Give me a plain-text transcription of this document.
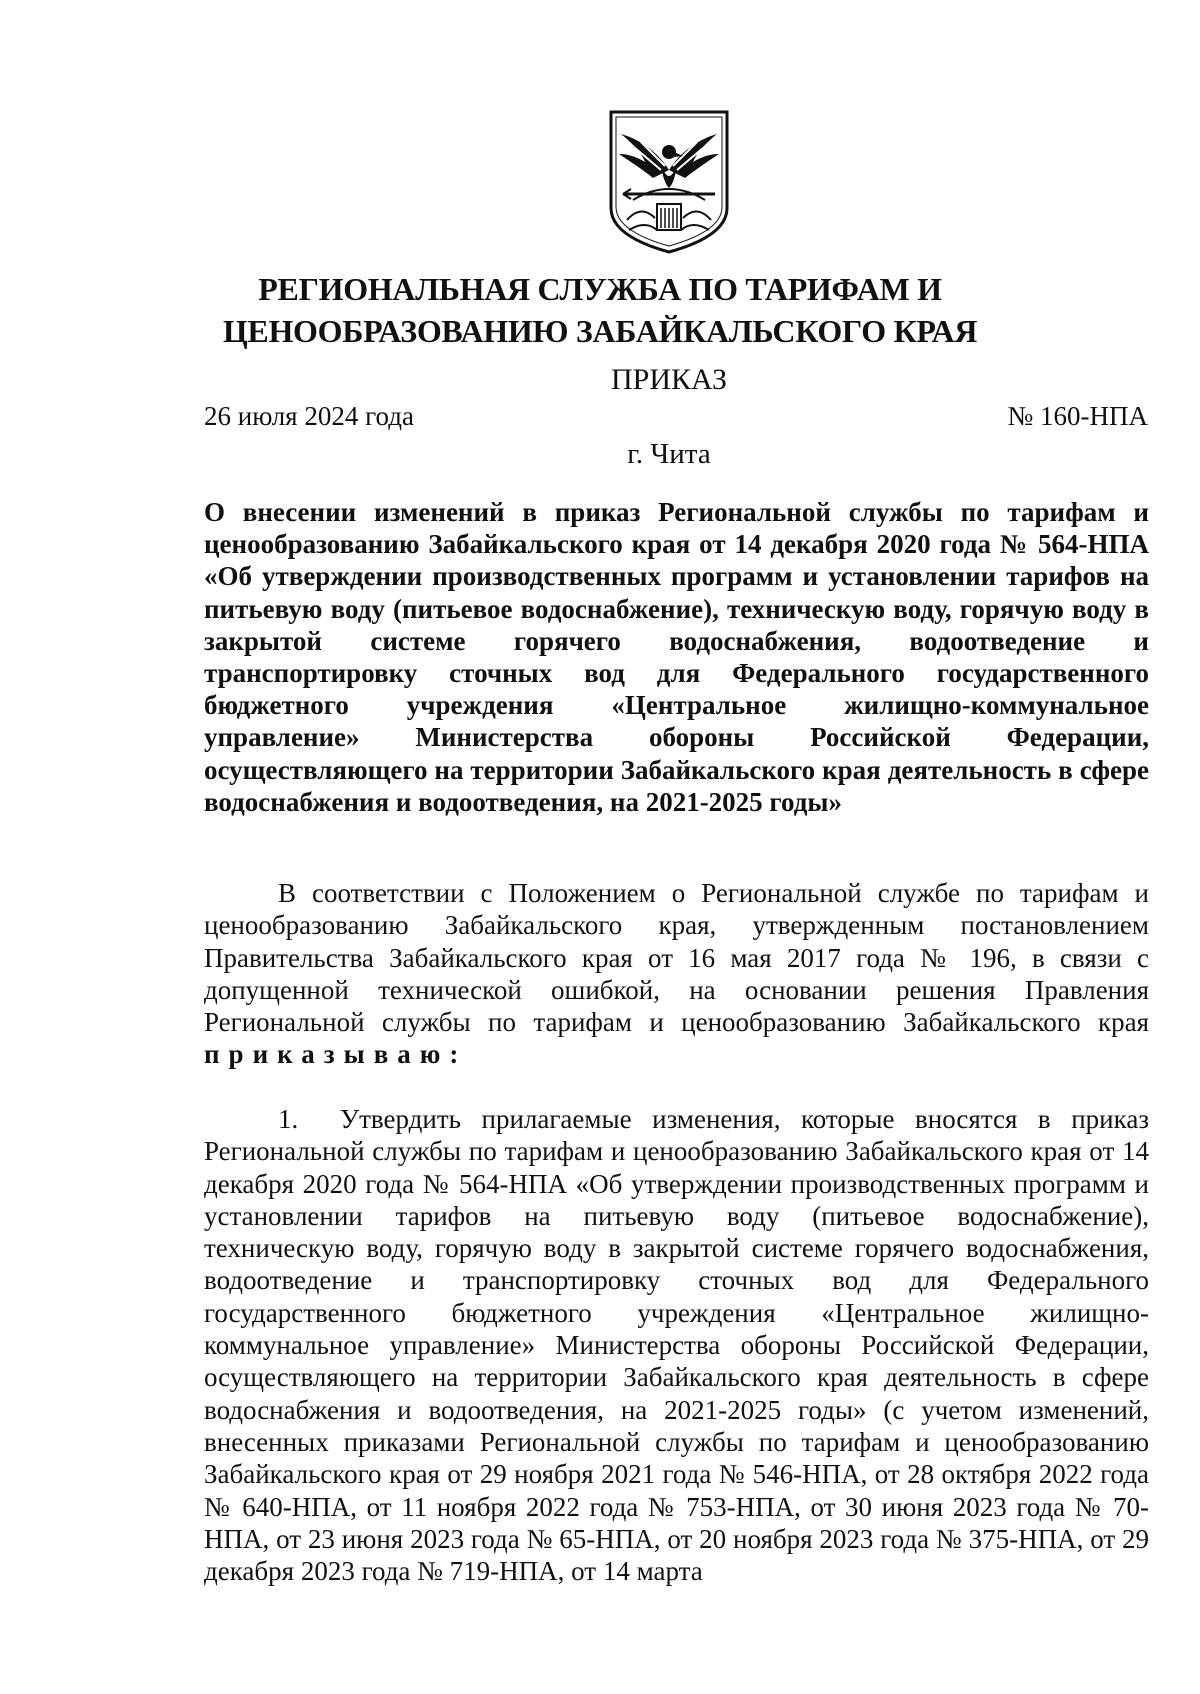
РЕГИОНАЛЬНАЯ СЛУЖБА ПО ТАРИФАМ И
ЦЕНООБРАЗОВАНИЮ ЗАБАЙКАЛЬСКОГО КРАЯ
ПРИКАЗ
26 июля 2024 года	№ 160-НПА
г. Чита
О внесении изменений в приказ Региональной службы по тарифам и ценообразованию Забайкальского края от 14 декабря 2020 года № 564-НПА «Об утверждении производственных программ и установлении тарифов на питьевую воду (питьевое водоснабжение), техническую воду, горячую воду в закрытой системе горячего водоснабжения, водоотведение и транспортировку сточных вод для Федерального государственного бюджетного учреждения «Центральное жилищно-коммунальное управление» Министерства обороны Российской Федерации, осуществляющего на территории Забайкальского края деятельность в сфере водоснабжения и водоотведения, на 2021-2025 годы»
В соответствии с Положением о Региональной службе по тарифам и ценообразованию Забайкальского края, утвержденным постановлением Правительства Забайкальского края от 16 мая 2017 года № 196, в связи с допущенной технической ошибкой, на основании решения Правления Региональной службы по тарифам и ценообразованию Забайкальского края приказываю:
1. Утвердить прилагаемые изменения, которые вносятся в приказ Региональной службы по тарифам и ценообразованию Забайкальского края от 14 декабря 2020 года № 564-НПА «Об утверждении производственных программ и установлении тарифов на питьевую воду (питьевое водоснабжение), техническую воду, горячую воду в закрытой системе горячего водоснабжения, водоотведение и транспортировку сточных вод для Федерального государственного бюджетного учреждения «Центральное жилищно-коммунальное управление» Министерства обороны Российской Федерации, осуществляющего на территории Забайкальского края деятельность в сфере водоснабжения и водоотведения, на 2021-2025 годы» (с учетом изменений, внесенных приказами Региональной службы по тарифам и ценообразованию Забайкальского края от 29 ноября 2021 года № 546-НПА, от 28 октября 2022 года № 640-НПА, от 11 ноября 2022 года № 753-НПА, от 30 июня 2023 года № 70-НПА, от 23 июня 2023 года № 65-НПА, от 20 ноября 2023 года № 375-НПА, от 29 декабря 2023 года № 719-НПА, от 14 марта
